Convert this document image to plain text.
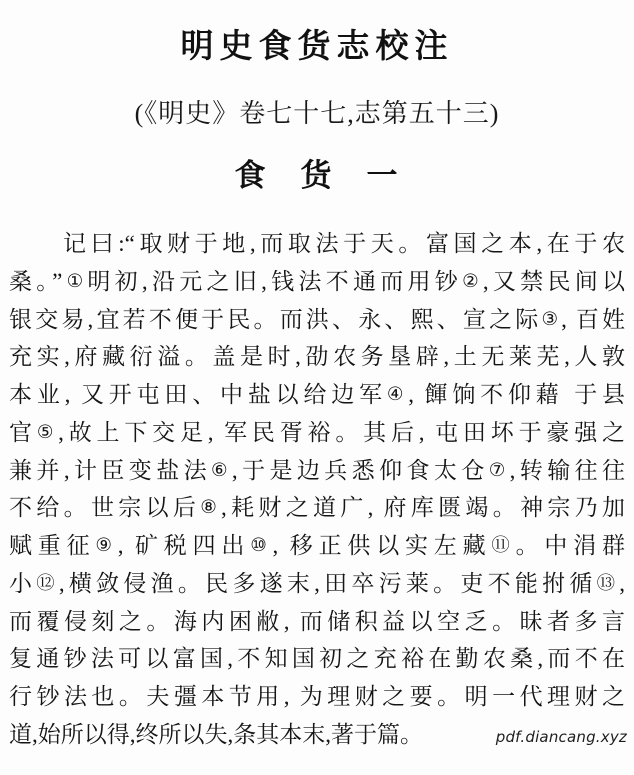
明史食货志校注
(《明史》卷七十七,志第五十三)
食　货　一
记曰:“取财于地,而取法于天。富国之本,在于农
桑。”①明初,沿元之旧,钱法不通而用钞②,又禁民间以
银交易,宜若不便于民。而洪、永、熙、宣之际③, 百姓
充实,府藏衍溢。盖是时,劭农务垦辟,土无莱芜,人敦
本业, 又开屯田、中盐以给边军④, 餫饷不仰藉 于县
官⑤,故上下交足, 军民胥裕。其后, 屯田坏于豪强之
兼并,计臣变盐法⑥,于是边兵悉仰食太仓⑦,转输往往
不给。世宗以后⑧,耗财之道广, 府库匮竭。神宗乃加
赋重征⑨, 矿税四出⑩, 移正供以实左藏⑪。中涓群
小⑫,横敛侵渔。民多遂末,田卒污莱。吏不能拊循⑬,
而覆侵刻之。海内困敝, 而储积益以空乏。昧者多言
复通钞法可以富国,不知国初之充裕在勤农桑,而不在
行钞法也。夫彊本节用, 为理财之要。明一代理财之
道,始所以得,终所以失,条其本末,著于篇。	pdf.diancang.xyz
